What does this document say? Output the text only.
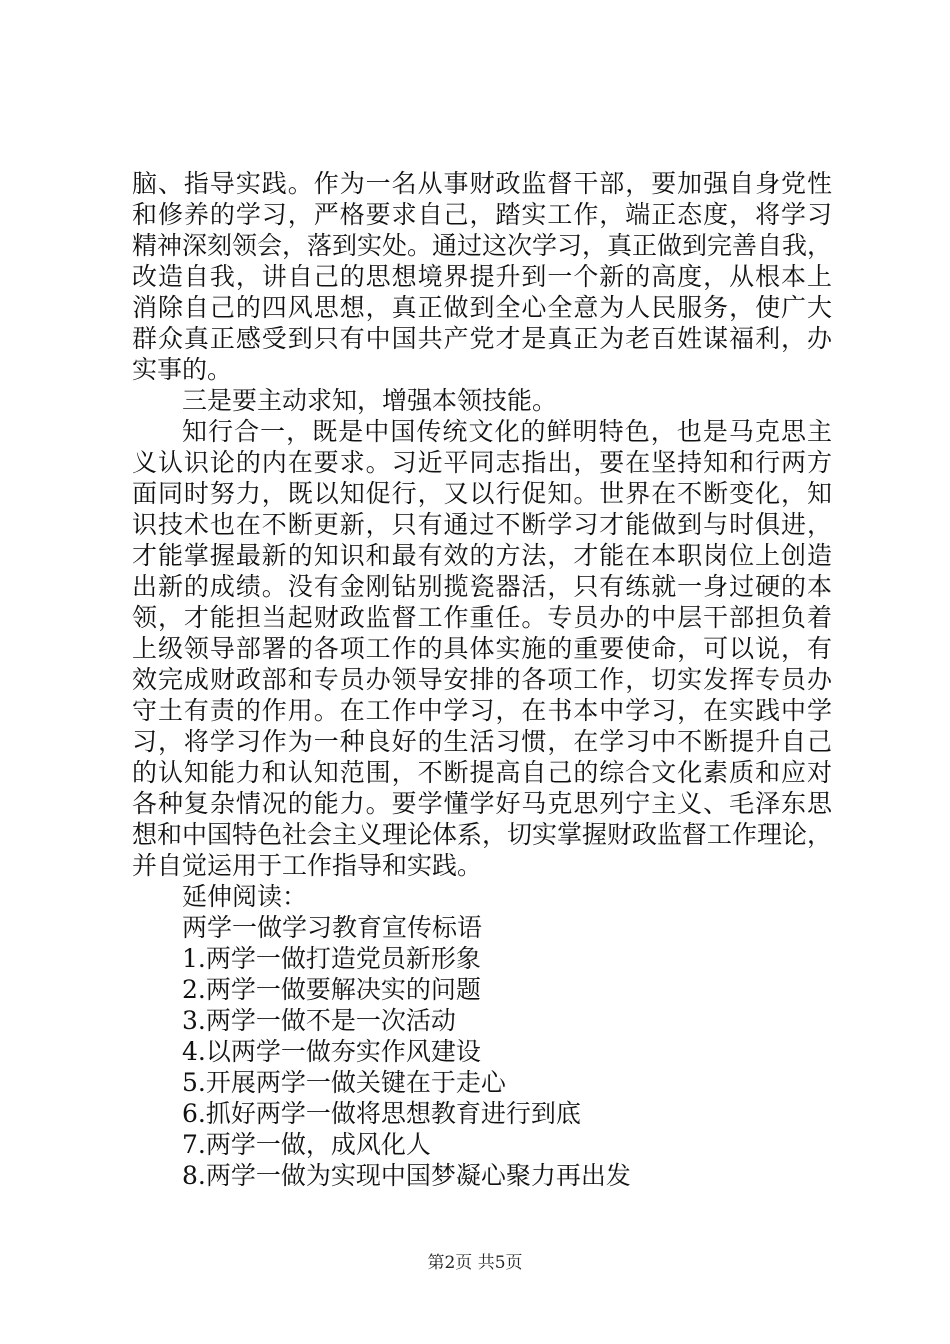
脑、指导实践。作为一名从事财政监督干部，要加强自身党性
和修养的学习，严格要求自己，踏实工作，端正态度，将学习
精神深刻领会，落到实处。通过这次学习，真正做到完善自我，
改造自我，讲自己的思想境界提升到一个新的高度，从根本上
消除自己的四风思想，真正做到全心全意为人民服务，使广大
群众真正感受到只有中国共产党才是真正为老百姓谋福利，办
实事的。
三是要主动求知，增强本领技能。
知行合一，既是中国传统文化的鲜明特色，也是马克思主
义认识论的内在要求。习近平同志指出，要在坚持知和行两方
面同时努力，既以知促行，又以行促知。世界在不断变化，知
识技术也在不断更新，只有通过不断学习才能做到与时俱进，
才能掌握最新的知识和最有效的方法，才能在本职岗位上创造
出新的成绩。没有金刚钻别揽瓷器活，只有练就一身过硬的本
领，才能担当起财政监督工作重任。专员办的中层干部担负着
上级领导部署的各项工作的具体实施的重要使命，可以说，有
效完成财政部和专员办领导安排的各项工作，切实发挥专员办
守土有责的作用。在工作中学习，在书本中学习，在实践中学
习，将学习作为一种良好的生活习惯，在学习中不断提升自己
的认知能力和认知范围，不断提高自己的综合文化素质和应对
各种复杂情况的能力。要学懂学好马克思列宁主义、毛泽东思
想和中国特色社会主义理论体系，切实掌握财政监督工作理论，
并自觉运用于工作指导和实践。
延伸阅读：
两学一做学习教育宣传标语
1.两学一做打造党员新形象
2.两学一做要解决实的问题
3.两学一做不是一次活动
4.以两学一做夯实作风建设
5.开展两学一做关键在于走心
6.抓好两学一做将思想教育进行到底
7.两学一做，成风化人
8.两学一做为实现中国梦凝心聚力再出发
第2页 共5页
